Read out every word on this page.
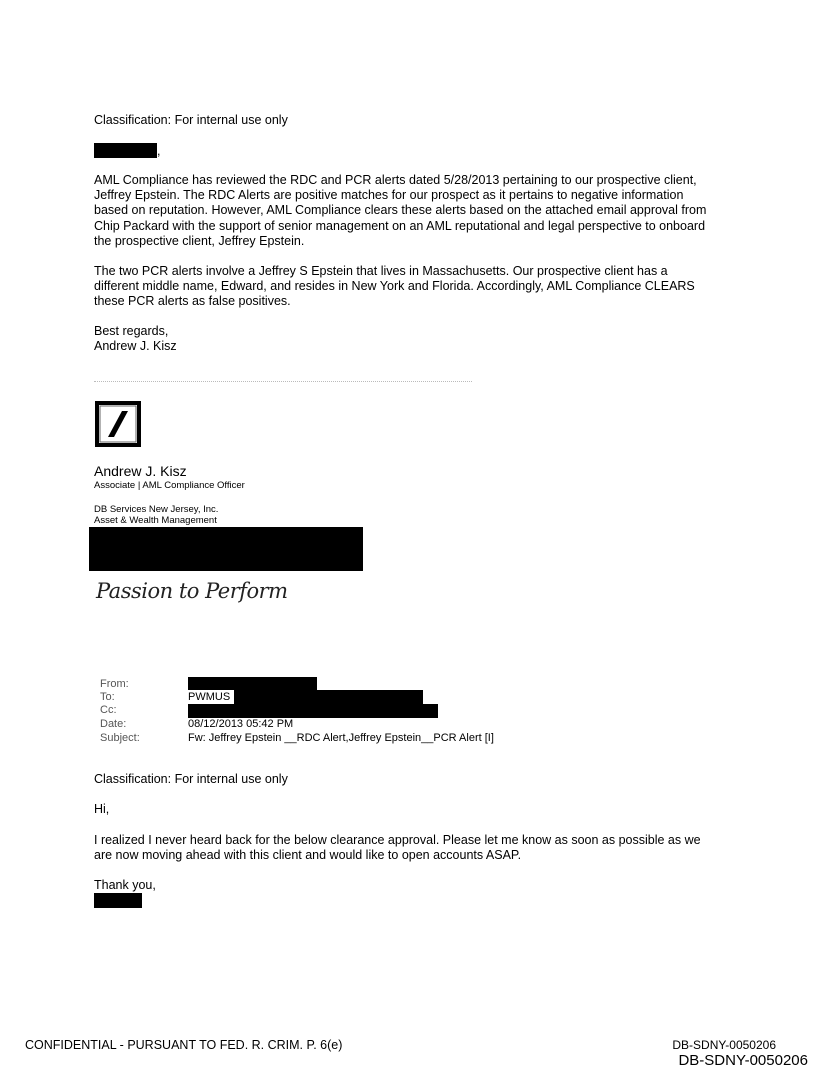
Classification: For internal use only
,
AML Compliance has reviewed the RDC and PCR alerts dated 5/28/2013 pertaining to our prospective client, Jeffrey Epstein. The RDC Alerts are positive matches for our prospect as it pertains to negative information based on reputation. However, AML Compliance clears these alerts based on the attached email approval from Chip Packard with the support of senior management on an AML reputational and legal perspective to onboard the prospective client, Jeffrey Epstein.
The two PCR alerts involve a Jeffrey S Epstein that lives in Massachusetts. Our prospective client has a different middle name, Edward, and resides in New York and Florida. Accordingly, AML Compliance CLEARS these PCR alerts as false positives.
Best regards,
Andrew J. Kisz
Andrew J. Kisz
Associate | AML Compliance Officer
DB Services New Jersey, Inc.
Asset & Wealth Management
Passion to Perform
From:
To:	PWMUS
Cc:
Date:	08/12/2013 05:42 PM
Subject:	Fw: Jeffrey Epstein __RDC Alert,Jeffrey Epstein__PCR Alert [I]
Classification: For internal use only
Hi,
I realized I never heard back for the below clearance approval. Please let me know as soon as possible as we are now moving ahead with this client and would like to open accounts ASAP.
Thank you,
CONFIDENTIAL - PURSUANT TO FED. R. CRIM. P. 6(e)	DB-SDNY-0050206
DB-SDNY-0050206
